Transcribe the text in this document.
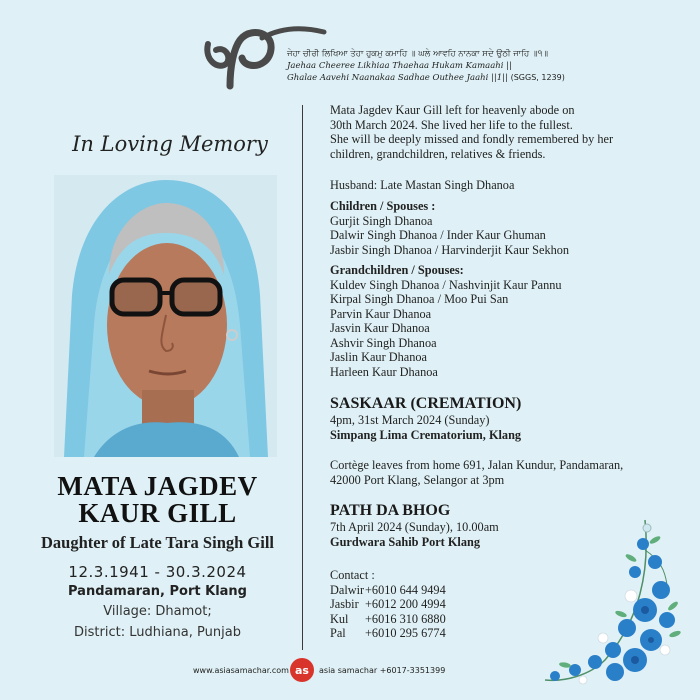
ਜੇਹਾ ਚੀਰੀ ਲਿਖਿਆ ਤੇਹਾ ਹੁਕਮੁ ਕਮਾਹਿ ॥ ਘਲੇ ਆਵਹਿ ਨਾਨਕਾ ਸਦੇ ਉਠੀ ਜਾਹਿ ॥੧॥
Jaehaa Cheeree Likhiaa Thaehaa Hukam Kamaahi ||
Ghalae Aavehi Naanakaa Sadhae Outhee Jaahi ||1|| (SGGS, 1239)
In Loving Memory
MATA JAGDEV
KAUR GILL
Daughter of Late Tara Singh Gill
12.3.1941 - 30.3.2024
Pandamaran, Port Klang
Village: Dhamot;
District: Ludhiana, Punjab
Mata Jagdev Kaur Gill left for heavenly abode on
30th March 2024. She lived her life to the fullest.
She will be deeply missed and fondly remembered by her
children, grandchildren, relatives & friends.
Husband: Late Mastan Singh Dhanoa
Children / Spouses :
Gurjit Singh Dhanoa
Dalwir Singh Dhanoa / Inder Kaur Ghuman
Jasbir Singh Dhanoa / Harvinderjit Kaur Sekhon
Grandchildren / Spouses:
Kuldev Singh Dhanoa / Nashvinjit Kaur Pannu
Kirpal Singh Dhanoa / Moo Pui San
Parvin Kaur Dhanoa
Jasvin Kaur Dhanoa
Ashvir Singh Dhanoa
Jaslin Kaur Dhanoa
Harleen Kaur Dhanoa
SASKAAR (CREMATION)
4pm, 31st March 2024 (Sunday)
Simpang Lima Crematorium, Klang
Cortège leaves from home 691, Jalan Kundur, Pandamaran,
42000 Port Klang, Selangor at 3pm
PATH DA BHOG
7th April 2024 (Sunday), 10.00am
Gurdwara Sahib Port Klang
Contact :
Dalwir +6010 644 9494
Jasbir +6012 200 4994
Kul	+6016 310 6880
Pal	+6010 295 6774
www.asiasamachar.com as asia samachar +6017-3351399
